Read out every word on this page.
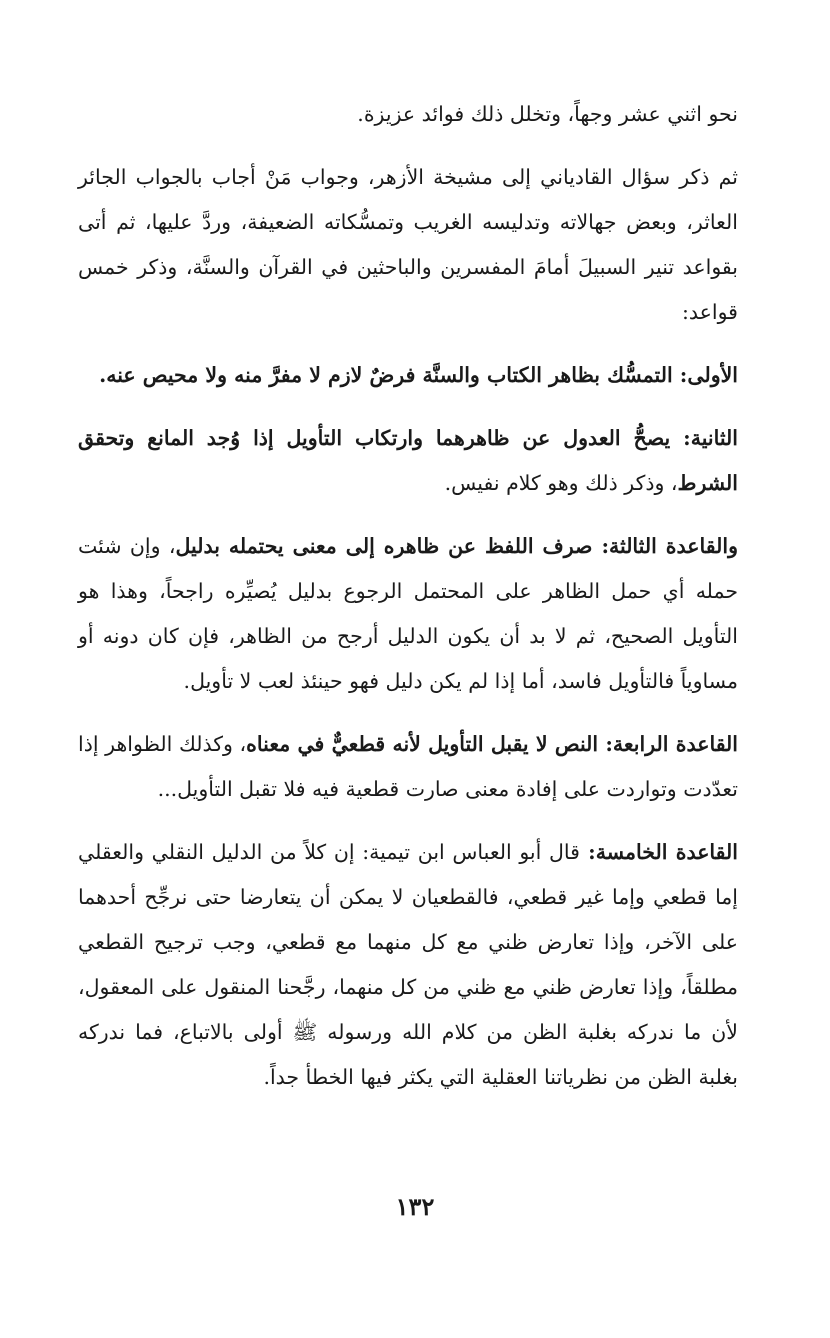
نحو اثني عشر وجهاً، وتخلل ذلك فوائد عزيزة.

ثم ذكر سؤال القادياني إلى مشيخة الأزهر، وجواب مَنْ أجاب بالجواب الجائر العاثر، وبعض جهالاته وتدليسه الغريب وتمسُّكاته الضعيفة، وردَّ عليها، ثم أتى بقواعد تنير السبيلَ أمامَ المفسرين والباحثين في القرآن والسنَّة، وذكر خمس قواعد:

الأولى: التمسُّك بظاهر الكتاب والسنَّة فرضٌ لازم لا مفرَّ منه ولا محيص عنه.

الثانية: يصحُّ العدول عن ظاهرهما وارتكاب التأويل إذا وُجد المانع وتحقق الشرط، وذكر ذلك وهو كلام نفيس.

والقاعدة الثالثة: صرف اللفظ عن ظاهره إلى معنى يحتمله بدليل، وإن شئت حمله أي حمل الظاهر على المحتمل الرجوع بدليل يُصيِّره راجحاً، وهذا هو التأويل الصحيح، ثم لا بد أن يكون الدليل أرجح من الظاهر، فإن كان دونه أو مساوياً فالتأويل فاسد، أما إذا لم يكن دليل فهو حينئذ لعب لا تأويل.

القاعدة الرابعة: النص لا يقبل التأويل لأنه قطعيٌّ في معناه، وكذلك الظواهر إذا تعدّدت وتواردت على إفادة معنى صارت قطعية فيه فلا تقبل التأويل...

القاعدة الخامسة: قال أبو العباس ابن تيمية: إن كلاً من الدليل النقلي والعقلي إما قطعي وإما غير قطعي، فالقطعيان لا يمكن أن يتعارضا حتى نرجِّح أحدهما على الآخر، وإذا تعارض ظني مع كل منهما مع قطعي، وجب ترجيح القطعي مطلقاً، وإذا تعارض ظني مع ظني من كل منهما، رجَّحنا المنقول على المعقول، لأن ما ندركه بغلبة الظن من كلام الله ورسوله ﷺ أولى بالاتباع، فما ندركه بغلبة الظن من نظرياتنا العقلية التي يكثر فيها الخطأ جداً.

١٣٢
